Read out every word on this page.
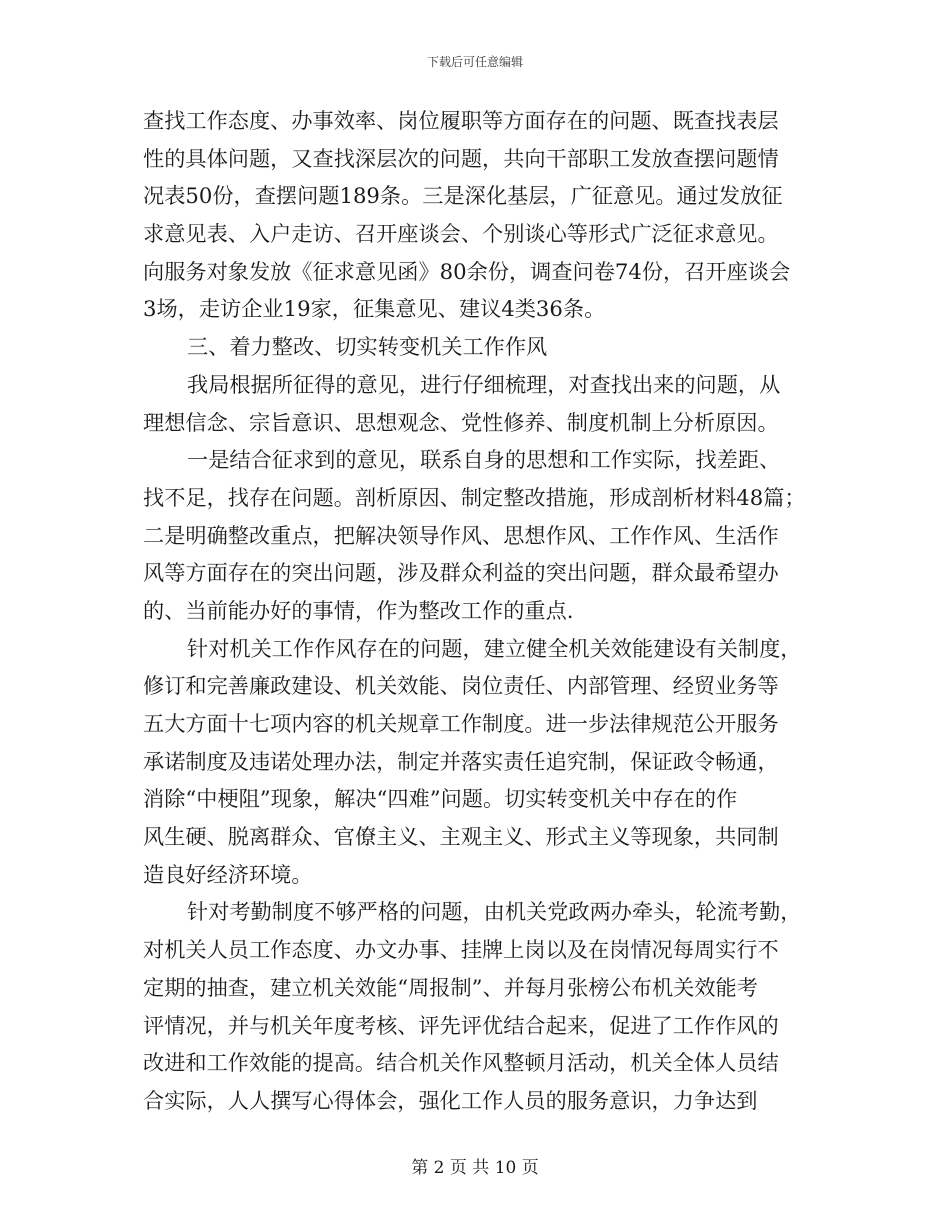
下载后可任意编辑
查找工作态度、办事效率、岗位履职等方面存在的问题、既查找表层
性的具体问题，又查找深层次的问题，共向干部职工发放查摆问题情
况表50份，查摆问题189条。三是深化基层，广征意见。通过发放征
求意见表、入户走访、召开座谈会、个别谈心等形式广泛征求意见。
向服务对象发放《征求意见函》80余份，调查问卷74份，召开座谈会
3场，走访企业19家，征集意见、建议4类36条。
三、着力整改、切实转变机关工作作风
我局根据所征得的意见，进行仔细梳理，对查找出来的问题，从
理想信念、宗旨意识、思想观念、党性修养、制度机制上分析原因。
一是结合征求到的意见，联系自身的思想和工作实际，找差距、
找不足，找存在问题。剖析原因、制定整改措施，形成剖析材料48篇；
二是明确整改重点，把解决领导作风、思想作风、工作作风、生活作
风等方面存在的突出问题，涉及群众利益的突出问题，群众最希望办
的、当前能办好的事情，作为整改工作的重点.
针对机关工作作风存在的问题，建立健全机关效能建设有关制度，
修订和完善廉政建设、机关效能、岗位责任、内部管理、经贸业务等
五大方面十七项内容的机关规章工作制度。进一步法律规范公开服务
承诺制度及违诺处理办法，制定并落实责任追究制，保证政令畅通，
消除“中梗阻”现象，解决“四难”问题。切实转变机关中存在的作
风生硬、脱离群众、官僚主义、主观主义、形式主义等现象，共同制
造良好经济环境。
针对考勤制度不够严格的问题，由机关党政两办牵头，轮流考勤，
对机关人员工作态度、办文办事、挂牌上岗以及在岗情况每周实行不
定期的抽查，建立机关效能“周报制”、并每月张榜公布机关效能考
评情况，并与机关年度考核、评先评优结合起来，促进了工作作风的
改进和工作效能的提高。结合机关作风整顿月活动，机关全体人员结
合实际，人人撰写心得体会，强化工作人员的服务意识，力争达到
第 2 页 共 10 页
